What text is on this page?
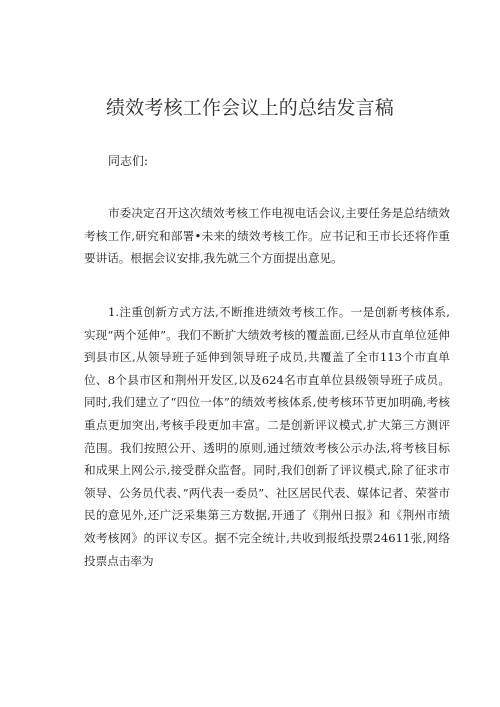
绩效考核工作会议上的总结发言稿

同志们:

市委决定召开这次绩效考核工作电视电话会议,主要任务是总结绩效考核工作,研究和部署•未来的绩效考核工作。应书记和王市长还将作重要讲话。根据会议安排,我先就三个方面提出意见。

1.注重创新方式方法,不断推进绩效考核工作。一是创新考核体系,实现“两个延伸”。我们不断扩大绩效考核的覆盖面,已经从市直单位延伸到县市区,从领导班子延伸到领导班子成员,共覆盖了全市113个市直单位、8个县市区和荆州开发区,以及624名市直单位县级领导班子成员。同时,我们建立了“四位一体”的绩效考核体系,使考核环节更加明确,考核重点更加突出,考核手段更加丰富。二是创新评议模式,扩大第三方测评范围。我们按照公开、透明的原则,通过绩效考核公示办法,将考核目标和成果上网公示,接受群众监督。同时,我们创新了评议模式,除了征求市领导、公务员代表、”两代表一委员”、社区居民代表、媒体记者、荣誉市民的意见外,还广泛采集第三方数据,开通了《荆州日报》和《荆州市绩效考核网》的评议专区。据不完全统计,共收到报纸投票24611张,网络投票点击率为
